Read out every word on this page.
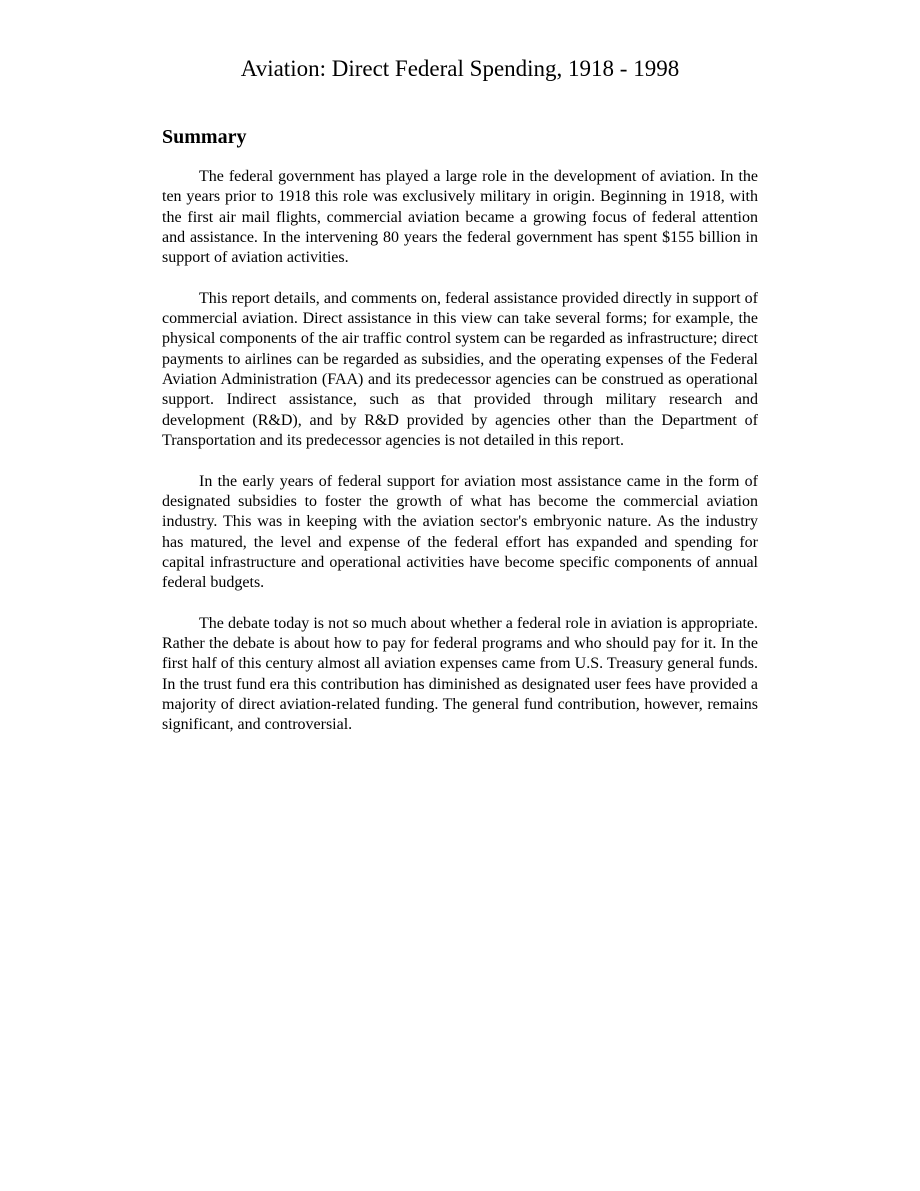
Aviation: Direct Federal Spending, 1918 - 1998
Summary

The federal government has played a large role in the development of aviation. In the ten years prior to 1918 this role was exclusively military in origin. Beginning in 1918, with the first air mail flights, commercial aviation became a growing focus of federal attention and assistance. In the intervening 80 years the federal government has spent $155 billion in support of aviation activities.

This report details, and comments on, federal assistance provided directly in support of commercial aviation. Direct assistance in this view can take several forms; for example, the physical components of the air traffic control system can be regarded as infrastructure; direct payments to airlines can be regarded as subsidies, and the operating expenses of the Federal Aviation Administration (FAA) and its predecessor agencies can be construed as operational support. Indirect assistance, such as that provided through military research and development (R&D), and by R&D provided by agencies other than the Department of Transportation and its predecessor agencies is not detailed in this report.

In the early years of federal support for aviation most assistance came in the form of designated subsidies to foster the growth of what has become the commercial aviation industry. This was in keeping with the aviation sector's embryonic nature. As the industry has matured, the level and expense of the federal effort has expanded and spending for capital infrastructure and operational activities have become specific components of annual federal budgets.

The debate today is not so much about whether a federal role in aviation is appropriate. Rather the debate is about how to pay for federal programs and who should pay for it. In the first half of this century almost all aviation expenses came from U.S. Treasury general funds. In the trust fund era this contribution has diminished as designated user fees have provided a majority of direct aviation-related funding. The general fund contribution, however, remains significant, and controversial.
